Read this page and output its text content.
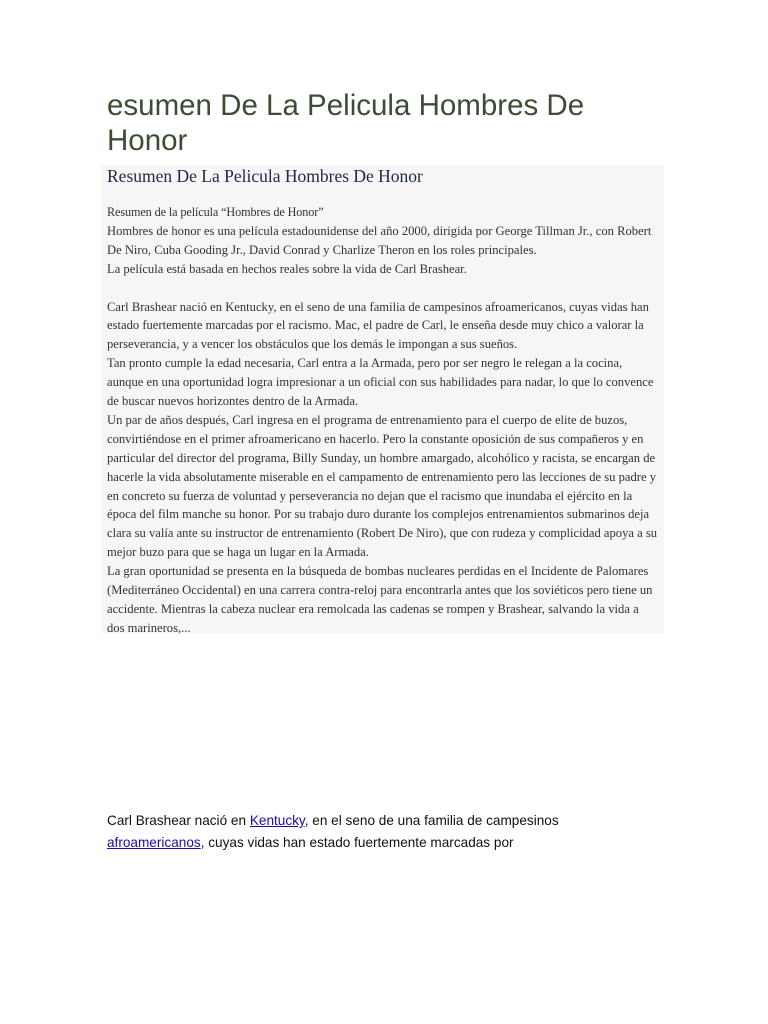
esumen De La Pelicula Hombres De Honor
Resumen De La Pelicula Hombres De Honor

Resumen de la película “Hombres de Honor”

Hombres de honor es una película estadounidense del año 2000, dirigida por George Tillman Jr., con Robert De Niro, Cuba Gooding Jr., David Conrad y Charlize Theron en los roles principales.

La película está basada en hechos reales sobre la vida de Carl Brashear.

Carl Brashear nació en Kentucky, en el seno de una familia de campesinos afroamericanos, cuyas vidas han estado fuertemente marcadas por el racismo. Mac, el padre de Carl, le enseña desde muy chico a valorar la perseverancia, y a vencer los obstáculos que los demás le impongan a sus sueños.

Tan pronto cumple la edad necesaria, Carl entra a la Armada, pero por ser negro le relegan a la cocina, aunque en una oportunidad logra impresionar a un oficial con sus habilidades para nadar, lo que lo convence de buscar nuevos horizontes dentro de la Armada.

Un par de años después, Carl ingresa en el programa de entrenamiento para el cuerpo de elite de buzos, convirtiéndose en el primer afroamericano en hacerlo. Pero la constante oposición de sus compañeros y en particular del director del programa, Billy Sunday, un hombre amargado, alcohólico y racista, se encargan de hacerle la vida absolutamente miserable en el campamento de entrenamiento pero las lecciones de su padre y en concreto su fuerza de voluntad y perseverancia no dejan que el racismo que inundaba el ejército en la época del film manche su honor. Por su trabajo duro durante los complejos entrenamientos submarinos deja clara su valía ante su instructor de entrenamiento (Robert De Niro), que con rudeza y complicidad apoya a su mejor buzo para que se haga un lugar en la Armada.

La gran oportunidad se presenta en la búsqueda de bombas nucleares perdidas en el Incidente de Palomares (Mediterráneo Occidental) en una carrera contra-reloj para encontrarla antes que los soviéticos pero tiene un accidente. Mientras la cabeza nuclear era remolcada las cadenas se rompen y Brashear, salvando la vida a dos marineros,...

Carl Brashear nació en Kentucky, en el seno de una familia de campesinos afroamericanos, cuyas vidas han estado fuertemente marcadas por
